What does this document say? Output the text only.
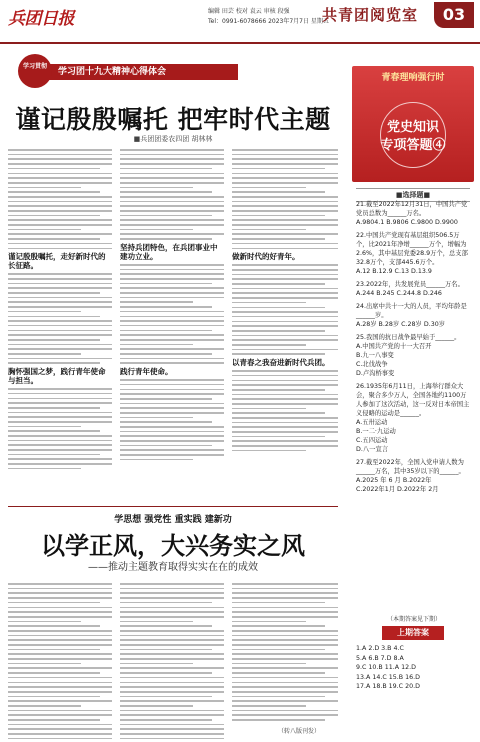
兵团日报	编辑 田芸 校对 袁云 审核 段强
Tel：0991-6078666 2023年7月7日 星期五
共青团阅览室	03
学习团十九大精神心得体会
学习贯彻
谨记殷殷嘱托 把牢时代主题
■兵团团委农四团 胡林林
谨记殷殷嘱托，走好新时代的长征路。
胸怀强国之梦，践行青年使命与担当。
坚持兵团特色，在兵团事业中建功立业。
践行青年使命。
做新时代的好青年。
以青春之我奋进新时代兵团。
学思想 强党性 重实践 建新功
以学正风，大兴务实之风
——推动主题教育取得实实在在的成效
（转八版刊发）
青春理响强行时
党史知识
专项答题④
■选择题■
21.截至2022年12月31日，中国共产党党员总数为______万名。
A.9804.1 B.9806 C.9800 D.9900
22.中国共产党现有基层组织506.5万个，比2021年净增______万个，增幅为2.6%，其中基层党委28.9万个，总支部32.8万个，支部445.6万个。
A.12 B.12.9 C.13 D.13.9
23.2022年，共发展党员______万名。
A.244 B.245 C.244.8 D.246
24.出席中共十一大的人员，平均年龄是______岁。
A.28岁 B.28岁 C.28岁 D.30岁
25.我国的抗日战争最早始于______。
A.中国共产党的十一大召开
B.九一八事变
C.北伐战争
D.卢沟桥事变
26.1935年6月11日，上海举行群众大会，聚合多少万人，全国各地约1100万人参加了这次活动，这一反对日本帝国主义侵略的运动是______。
A.五卅运动
B.一二·九运动
C.五四运动
D.八一宣言
27.截至2022年，全国入党申请人数为______万名，其中35岁以下的______。
A.2025 年 6 月 B.2022年
C.2022年1月 D.2022年 2月
（本期答案见下期）
上期答案
1.A 2.D 3.B 4.C
5.A 6.B 7.D 8.A
9.C 10.B 11.A 12.D
13.A 14.C 15.B 16.D
17.A 18.B 19.C 20.D
